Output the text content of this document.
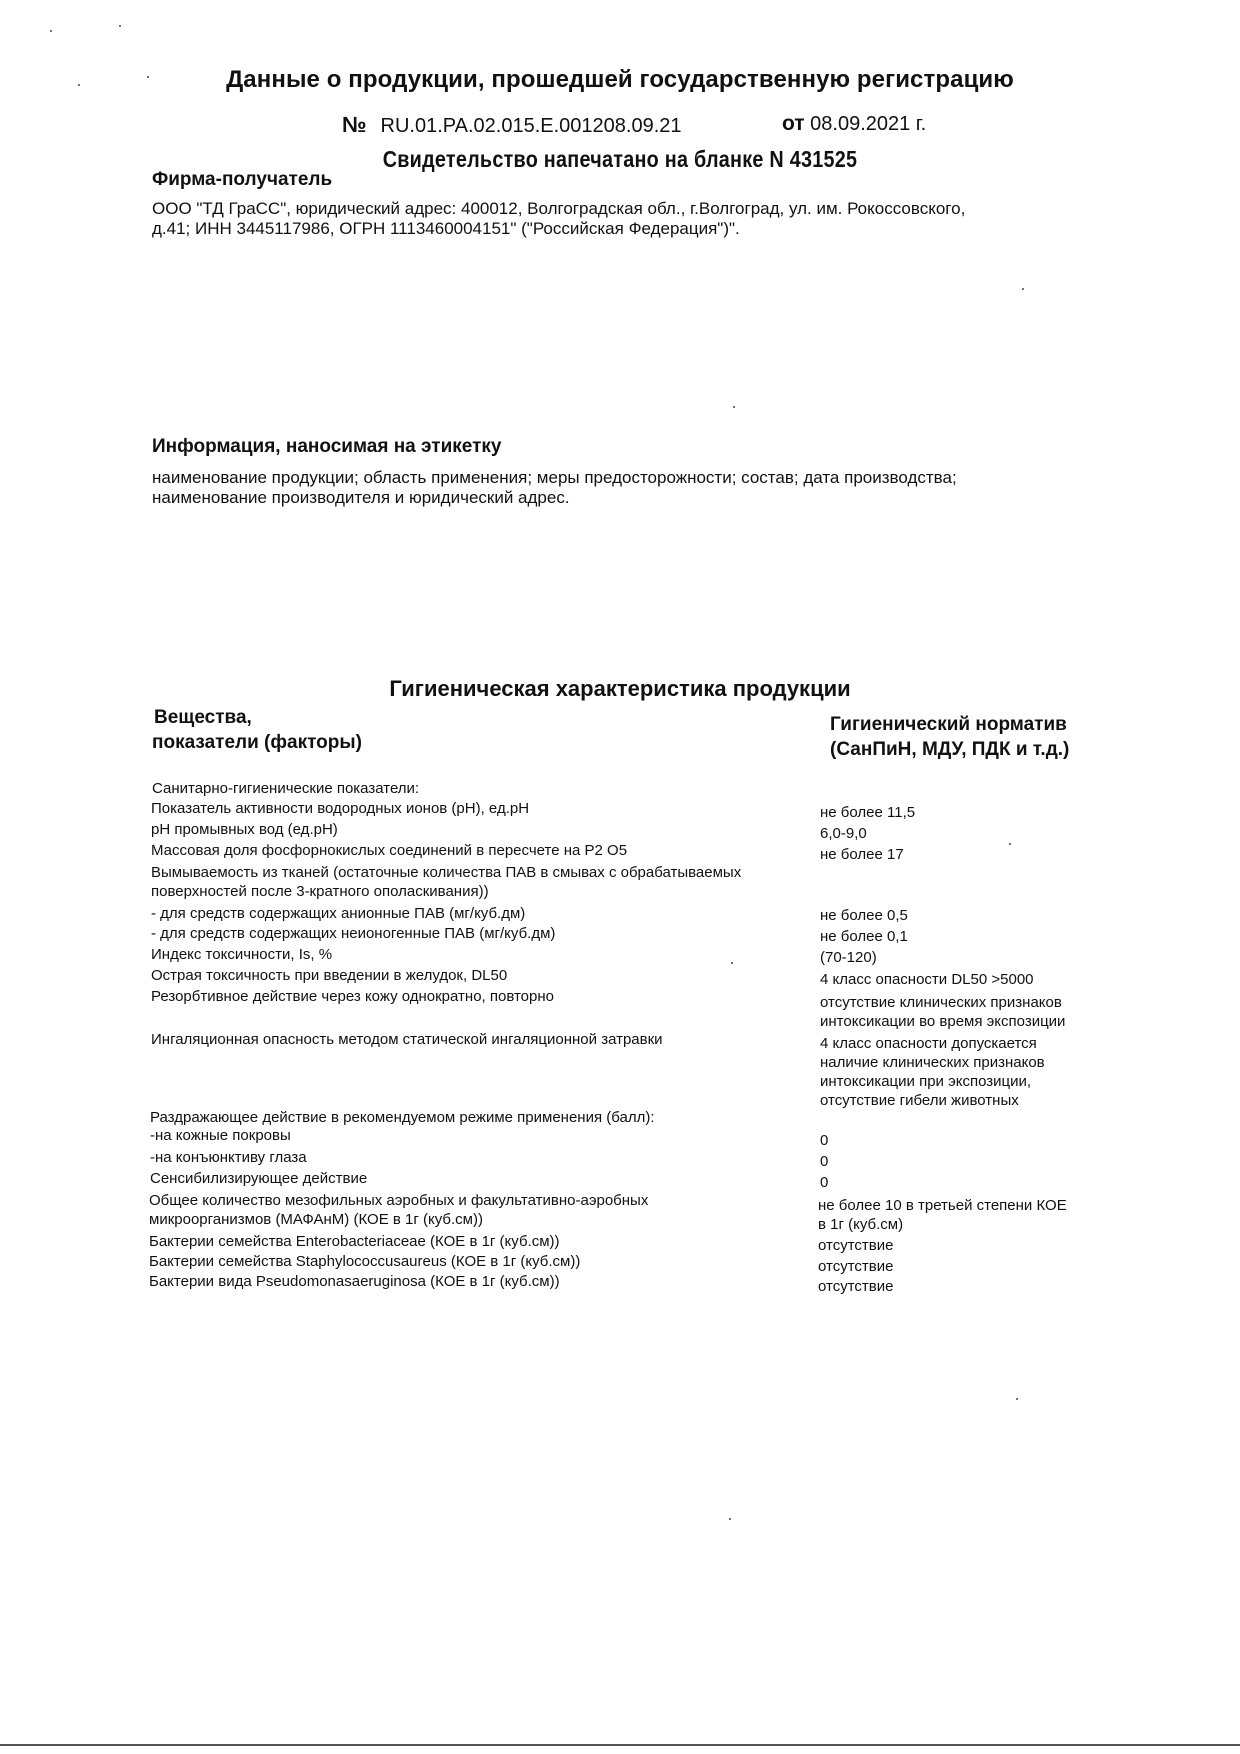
Данные о продукции, прошедшей государственную регистрацию
№ RU.01.PA.02.015.E.001208.09.21	от 08.09.2021 г.
Свидетельство напечатано на бланке N 431525
Фирма-получатель
ООО "ТД ГраСС", юридический адрес: 400012, Волгоградская обл., г.Волгоград, ул. им. Рокоссовского,
д.41; ИНН 3445117986, ОГРН 1113460004151" ("Российская Федерация")".
Информация, наносимая на этикетку
наименование продукции; область применения; меры предосторожности; состав; дата производства;
наименование производителя и юридический адрес.
Гигиеническая характеристика продукции
Вещества,
показатели (факторы)
Гигиенический норматив
(СанПиН, МДУ, ПДК и т.д.)
Санитарно-гигиенические показатели:
Показатель активности водородных ионов (pH), ед.pH
pH промывных вод (ед.pH)
Массовая доля фосфорнокислых соединений в пересчете на P2 O5
Вымываемость из тканей (остаточные количества ПАВ в смывах с обрабатываемых
поверхностей после 3-кратного ополаскивания))
- для средств содержащих анионные ПАВ (мг/куб.дм)
- для средств содержащих неионогенные ПАВ (мг/куб.дм)
Индекс токсичности, Is, %
Острая токсичность при введении в желудок, DL50
Резорбтивное действие через кожу однократно, повторно
Ингаляционная опасность методом статической ингаляционной затравки
Раздражающее действие в рекомендуемом режиме применения (балл):
-на кожные покровы
-на конъюнктиву глаза
Сенсибилизирующее действие
Общее количество мезофильных аэробных и факультативно-аэробных
микроорганизмов (МАФАнМ) (КОЕ в 1г (куб.см))
Бактерии семейства Enterobacteriaceae (КОЕ в 1г (куб.см))
Бактерии семейства Staphylococcusaureus (КОЕ в 1г (куб.см))
Бактерии вида Pseudomonasaeruginosa (КОЕ в 1г (куб.см))
не более 11,5
6,0-9,0
не более 17
не более 0,5
не более 0,1
(70-120)
4 класс опасности DL50 >5000
отсутствие клинических признаков
интоксикации во время экспозиции
4 класс опасности допускается
наличие клинических признаков
интоксикации при экспозиции,
отсутствие гибели животных
0
0
0
не более 10 в третьей степени КОЕ
в 1г (куб.см)
отсутствие
отсутствие
отсутствие
